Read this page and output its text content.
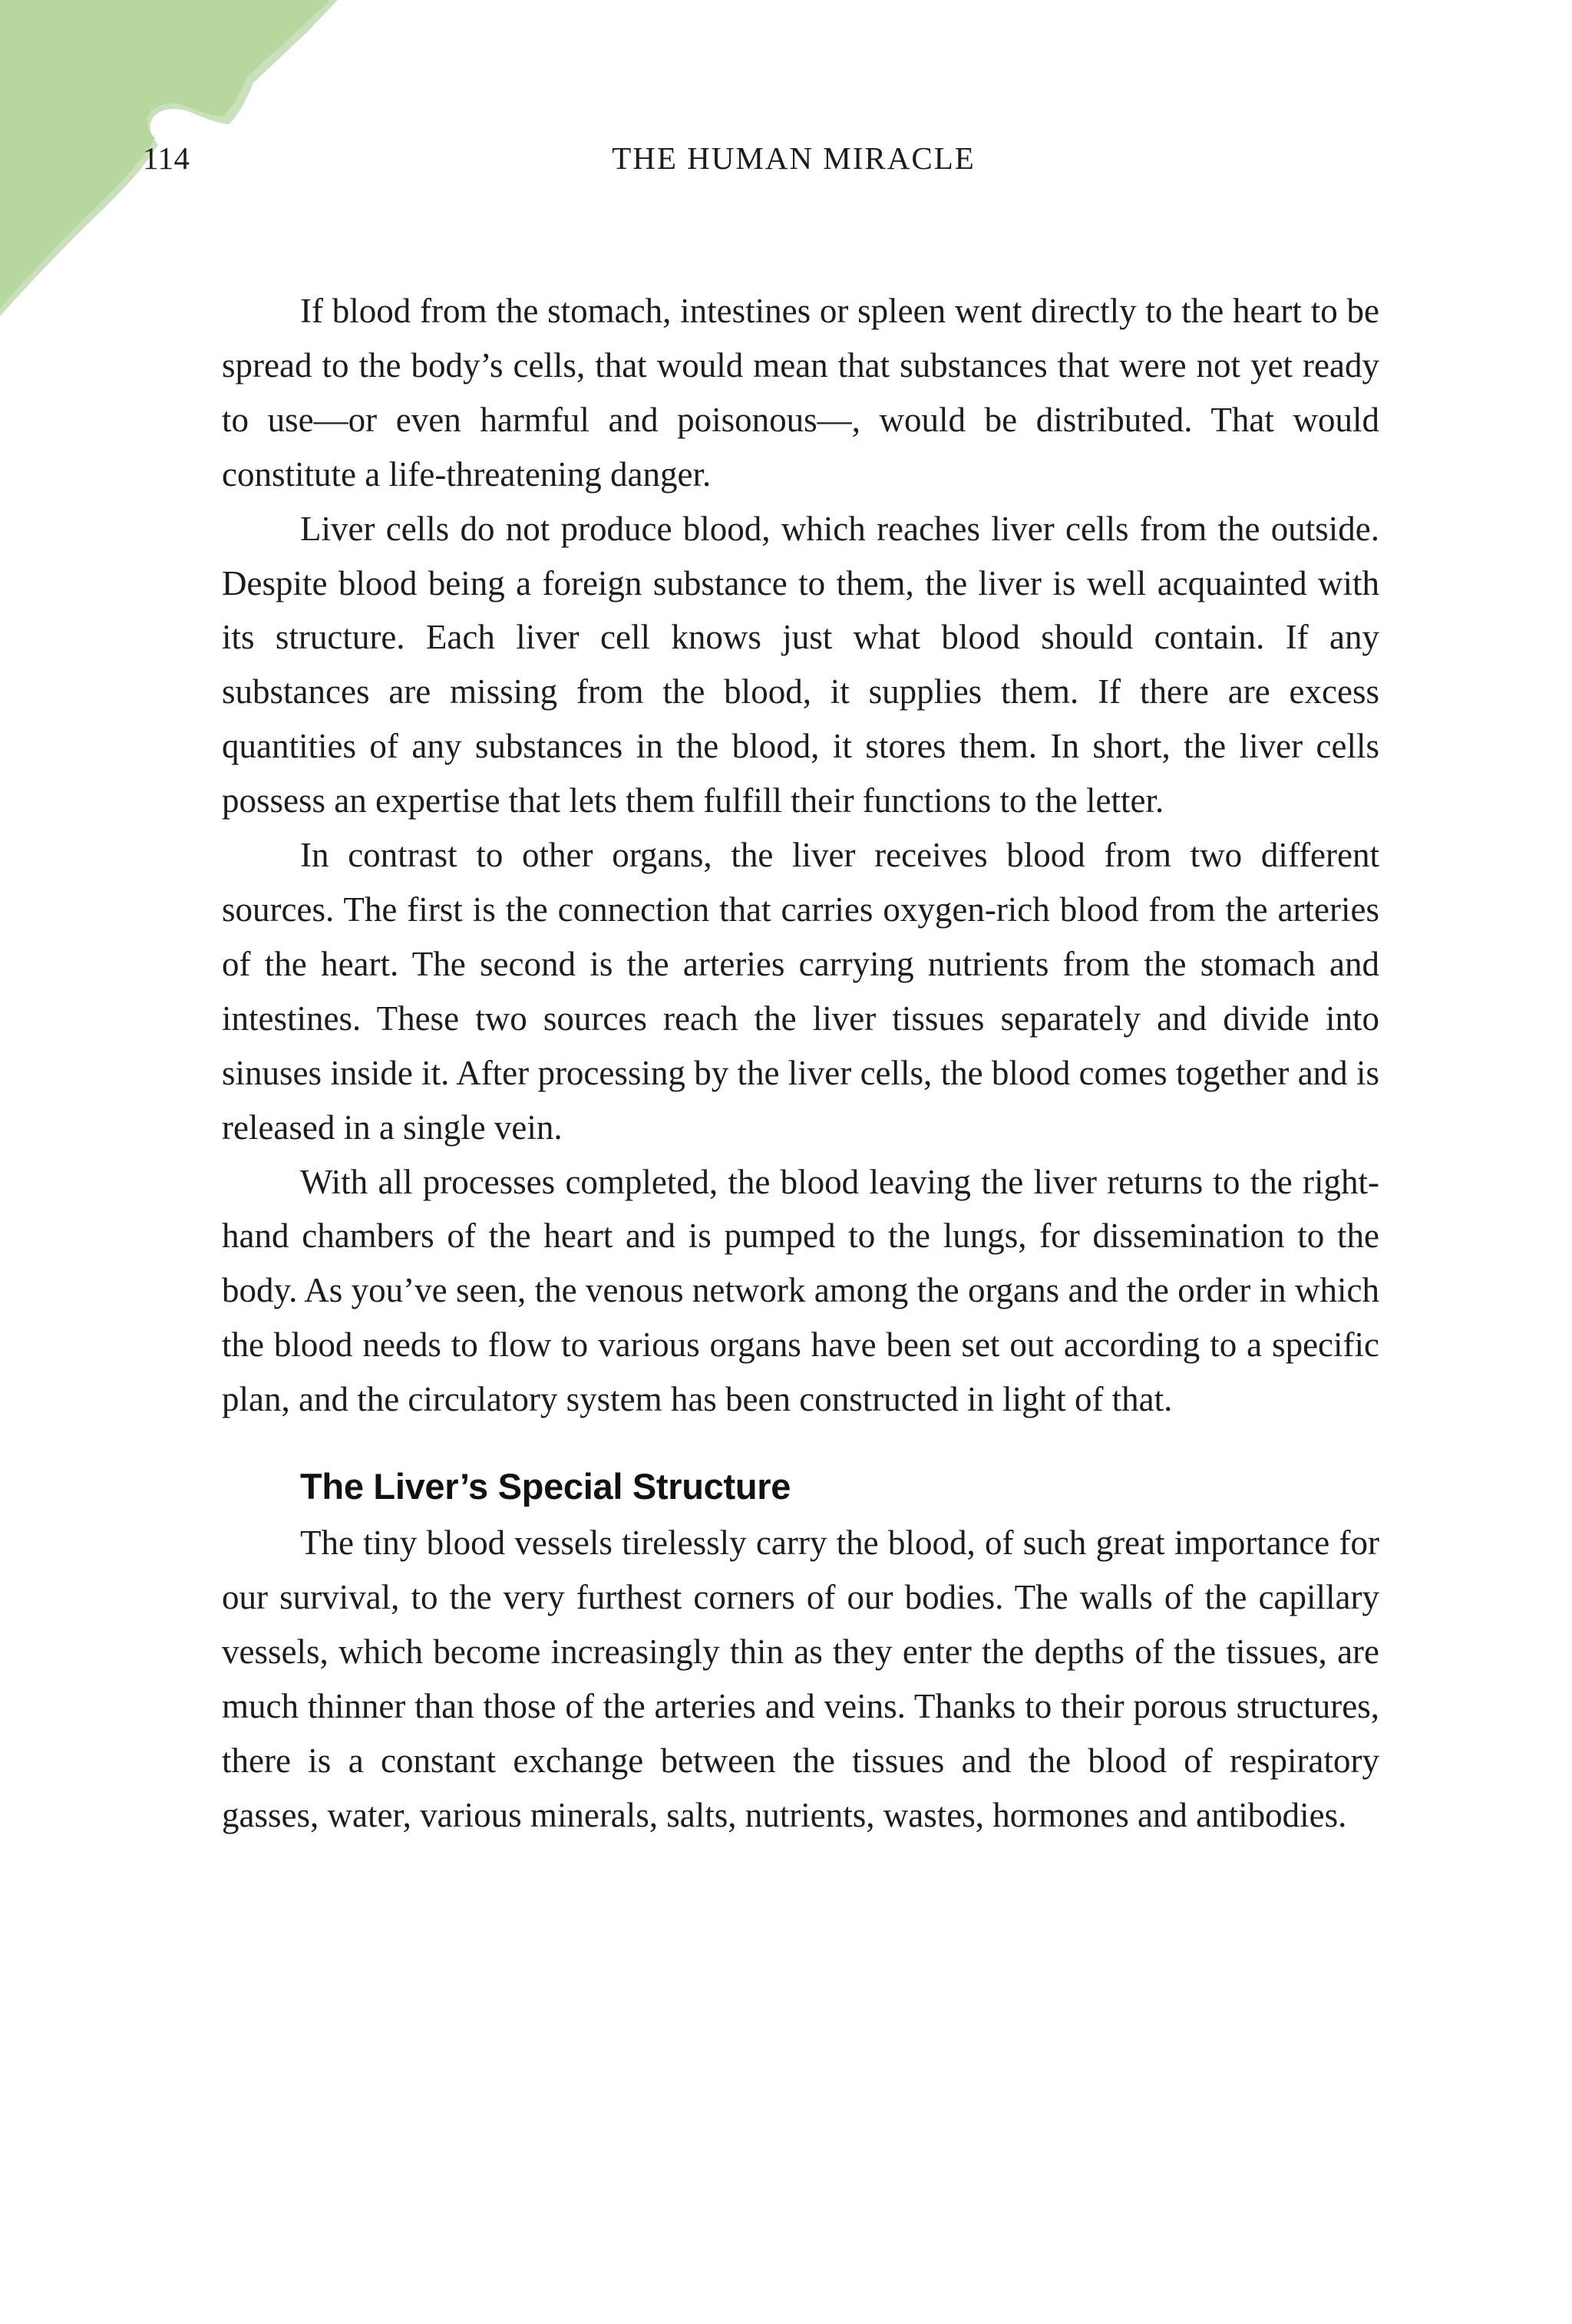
114	THE HUMAN MIRACLE

If blood from the stomach, intestines or spleen went directly to the heart to be spread to the body’s cells, that would mean that substances that were not yet ready to use—or even harmful and poisonous—, would be distributed. That would constitute a life-threatening danger.

Liver cells do not produce blood, which reaches liver cells from the outside. Despite blood being a foreign substance to them, the liver is well acquainted with its structure. Each liver cell knows just what blood should contain. If any substances are missing from the blood, it supplies them. If there are excess quantities of any substances in the blood, it stores them. In short, the liver cells possess an expertise that lets them fulfill their functions to the letter.

In contrast to other organs, the liver receives blood from two different sources. The first is the connection that carries oxygen-rich blood from the arteries of the heart. The second is the arteries carrying nutrients from the stomach and intestines. These two sources reach the liver tissues separately and divide into sinuses inside it. After processing by the liver cells, the blood comes together and is released in a single vein.

With all processes completed, the blood leaving the liver returns to the right-hand chambers of the heart and is pumped to the lungs, for dissemination to the body. As you’ve seen, the venous network among the organs and the order in which the blood needs to flow to various organs have been set out according to a specific plan, and the circulatory system has been constructed in light of that.

The Liver’s Special Structure

The tiny blood vessels tirelessly carry the blood, of such great importance for our survival, to the very furthest corners of our bodies. The walls of the capillary vessels, which become increasingly thin as they enter the depths of the tissues, are much thinner than those of the arteries and veins. Thanks to their porous structures, there is a constant exchange between the tissues and the blood of respiratory gasses, water, various minerals, salts, nutrients, wastes, hormones and antibodies.
